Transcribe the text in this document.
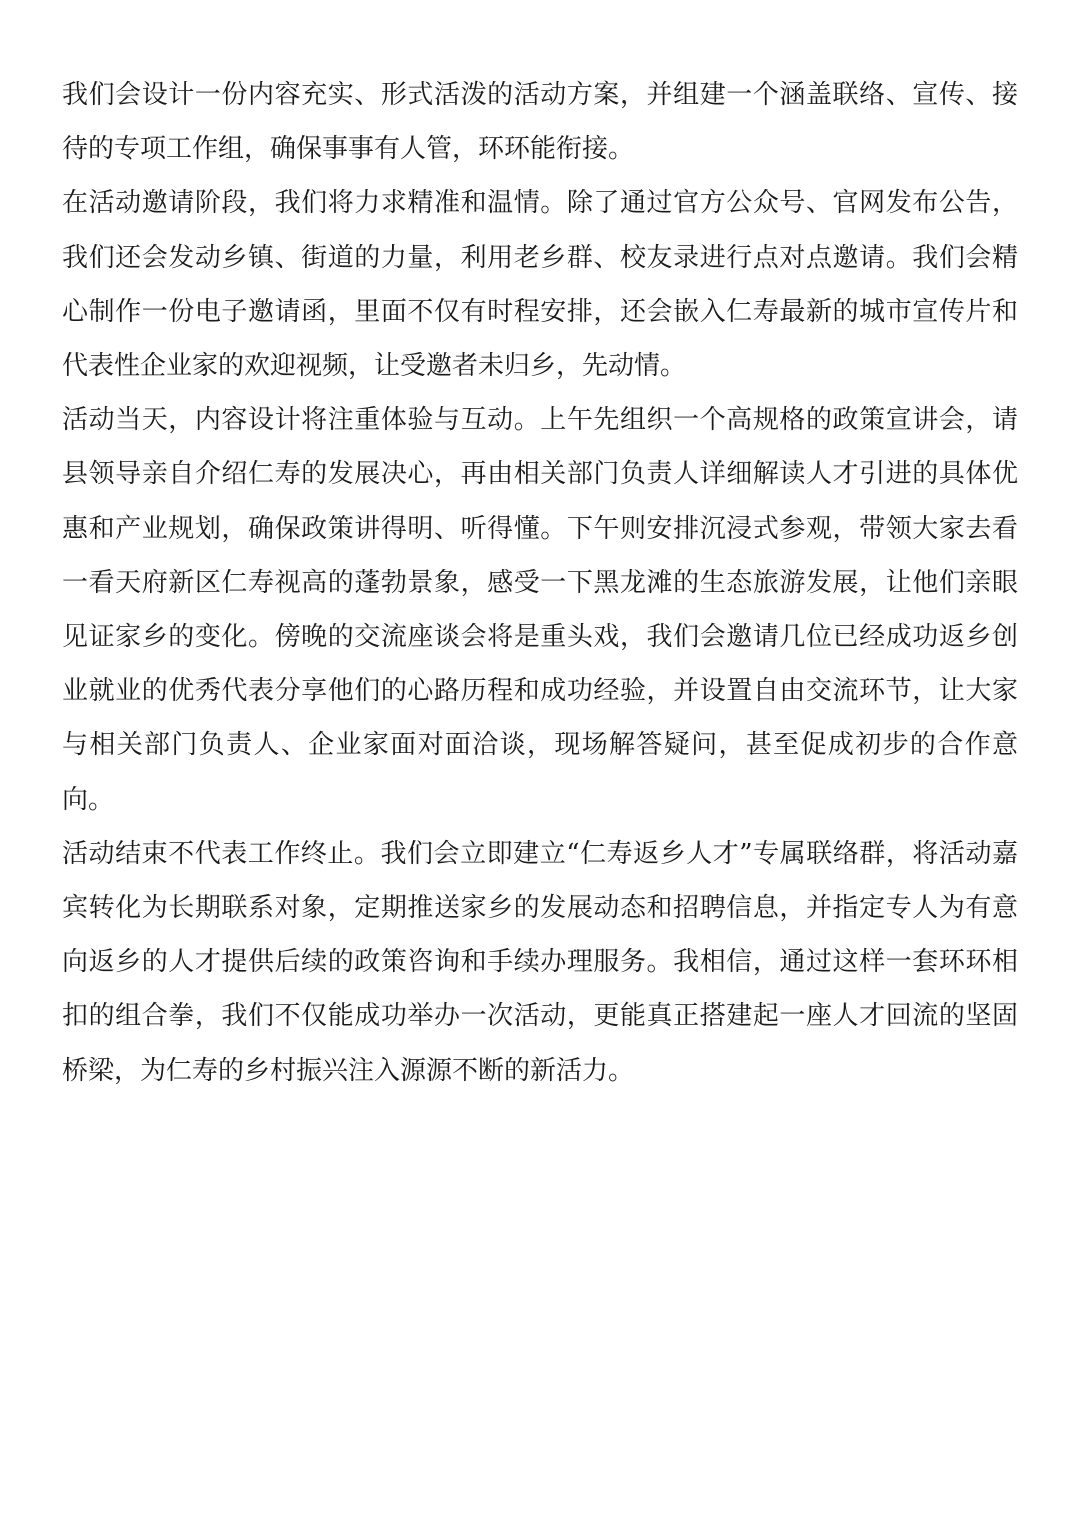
我们会设计一份内容充实、形式活泼的活动方案，并组建一个涵盖联络、宣传、接待的专项工作组，确保事事有人管，环环能衔接。

在活动邀请阶段，我们将力求精准和温情。除了通过官方公众号、官网发布公告，我们还会发动乡镇、街道的力量，利用老乡群、校友录进行点对点邀请。我们会精心制作一份电子邀请函，里面不仅有时程安排，还会嵌入仁寿最新的城市宣传片和代表性企业家的欢迎视频，让受邀者未归乡，先动情。

活动当天，内容设计将注重体验与互动。上午先组织一个高规格的政策宣讲会，请县领导亲自介绍仁寿的发展决心，再由相关部门负责人详细解读人才引进的具体优惠和产业规划，确保政策讲得明、听得懂。下午则安排沉浸式参观，带领大家去看一看天府新区仁寿视高的蓬勃景象，感受一下黑龙滩的生态旅游发展，让他们亲眼见证家乡的变化。傍晚的交流座谈会将是重头戏，我们会邀请几位已经成功返乡创业就业的优秀代表分享他们的心路历程和成功经验，并设置自由交流环节，让大家与相关部门负责人、企业家面对面洽谈，现场解答疑问，甚至促成初步的合作意向。

活动结束不代表工作终止。我们会立即建立“仁寿返乡人才”专属联络群，将活动嘉宾转化为长期联系对象，定期推送家乡的发展动态和招聘信息，并指定专人为有意向返乡的人才提供后续的政策咨询和手续办理服务。我相信，通过这样一套环环相扣的组合拳，我们不仅能成功举办一次活动，更能真正搭建起一座人才回流的坚固桥梁，为仁寿的乡村振兴注入源源不断的新活力。
